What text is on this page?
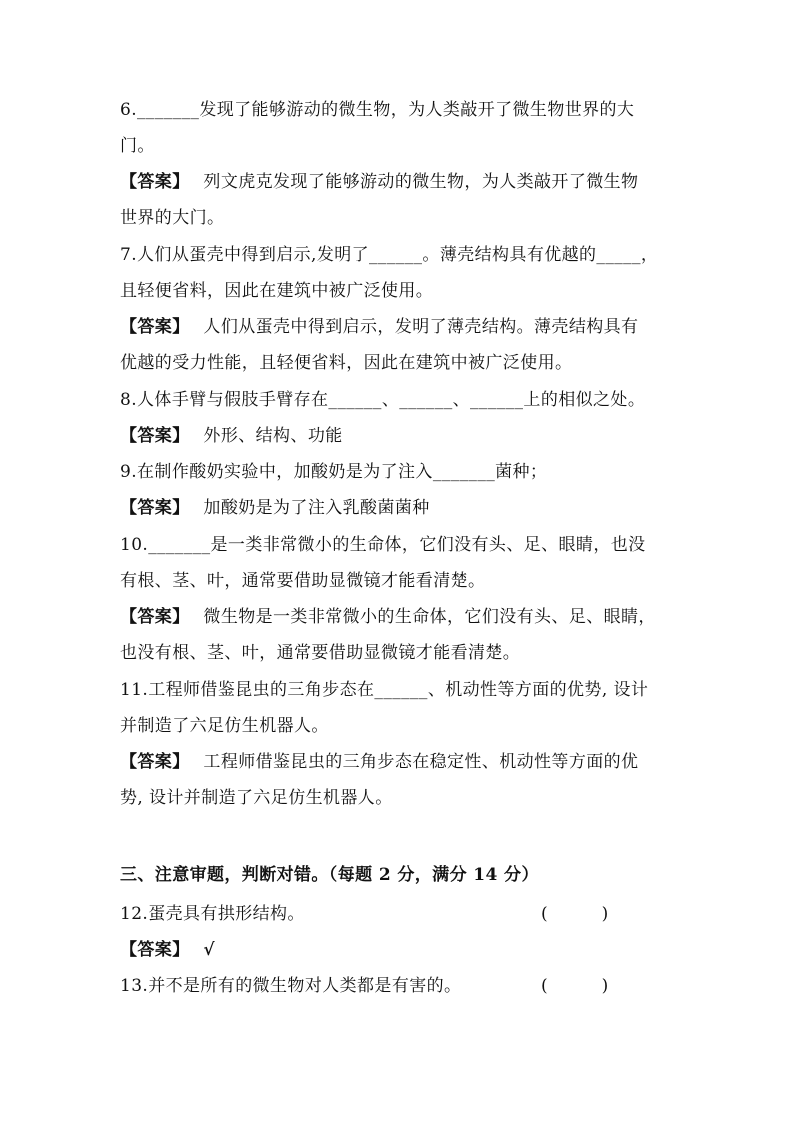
6._______发现了能够游动的微生物，为人类敲开了微生物世界的大
门。
【答案】 列文虎克发现了能够游动的微生物，为人类敲开了微生物
世界的大门。
7.人们从蛋壳中得到启示,发明了______。薄壳结构具有优越的_____，
且轻便省料，因此在建筑中被广泛使用。
【答案】 人们从蛋壳中得到启示，发明了薄壳结构。薄壳结构具有
优越的受力性能，且轻便省料，因此在建筑中被广泛使用。
8.人体手臂与假肢手臂存在______、______、______上的相似之处。
【答案】 外形、结构、功能
9.在制作酸奶实验中，加酸奶是为了注入_______菌种；
【答案】 加酸奶是为了注入乳酸菌菌种
10._______是一类非常微小的生命体，它们没有头、足、眼睛，也没
有根、茎、叶，通常要借助显微镜才能看清楚。
【答案】 微生物是一类非常微小的生命体，它们没有头、足、眼睛，
也没有根、茎、叶，通常要借助显微镜才能看清楚。
11.工程师借鉴昆虫的三角步态在______、机动性等方面的优势, 设计
并制造了六足仿生机器人。
【答案】 工程师借鉴昆虫的三角步态在稳定性、机动性等方面的优
势, 设计并制造了六足仿生机器人。
三、注意审题，判断对错。（每题 2 分，满分 14 分）
12.蛋壳具有拱形结构。	(          )
【答案】 √
13.并不是所有的微生物对人类都是有害的。	(          )
